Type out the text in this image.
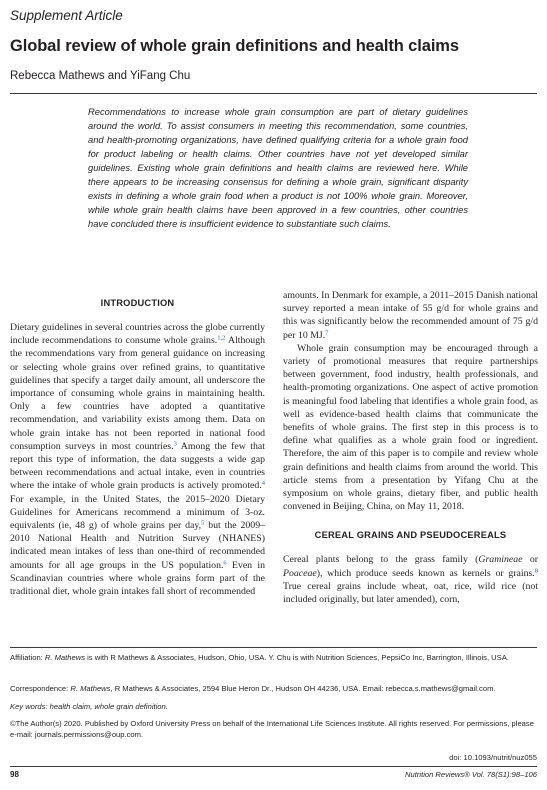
Supplement Article
Global review of whole grain definitions and health claims
Rebecca Mathews and YiFang Chu
Recommendations to increase whole grain consumption are part of dietary guidelines around the world. To assist consumers in meeting this recommendation, some countries, and health-promoting organizations, have defined qualifying criteria for a whole grain food for product labeling or health claims. Other countries have not yet developed similar guidelines. Existing whole grain definitions and health claims are reviewed here. While there appears to be increasing consensus for defining a whole grain, significant disparity exists in defining a whole grain food when a product is not 100% whole grain. Moreover, while whole grain health claims have been approved in a few countries, other countries have concluded there is insufficient evidence to substantiate such claims.
INTRODUCTION

Dietary guidelines in several countries across the globe currently include recommendations to consume whole grains.$^{1,2}$ Although the recommendations vary from general guidance on increasing or selecting whole grains over refined grains, to quantitative guidelines that specify a target daily amount, all underscore the importance of consuming whole grains in maintaining health. Only a few countries have adopted a quantitative recommendation, and variability exists among them. Data on whole grain intake has not been reported in national food consumption surveys in most countries.$^3$ Among the few that report this type of information, the data suggests a wide gap between recommendations and actual intake, even in countries where the intake of whole grain products is actively promoted.$^4$ For example, in the United States, the 2015–2020 Dietary Guidelines for Americans recommend a minimum of 3-oz. equivalents (ie, 48 g) of whole grains per day,$^5$ but the 2009–2010 National Health and Nutrition Survey (NHANES) indicated mean intakes of less than one-third of recommended amounts for all age groups in the US population.$^6$ Even in Scandinavian countries where whole grains form part of the traditional diet, whole grain intakes fall short of recommended

amounts. In Denmark for example, a 2011–2015 Danish national survey reported a mean intake of 55 g/d for whole grains and this was significantly below the recommended amount of 75 g/d per 10 MJ.$^7$

Whole grain consumption may be encouraged through a variety of promotional measures that require partnerships between government, food industry, health professionals, and health-promoting organizations. One aspect of active promotion is meaningful food labeling that identifies a whole grain food, as well as evidence-based health claims that communicate the benefits of whole grains. The first step in this process is to define what qualifies as a whole grain food or ingredient. Therefore, the aim of this paper is to compile and review whole grain definitions and health claims from around the world. This article stems from a presentation by Yifang Chu at the symposium on whole grains, dietary fiber, and public health convened in Beijing, China, on May 11, 2018.

CEREAL GRAINS AND PSEUDOCEREALS

Cereal plants belong to the grass family (Gramineae or Poaceae), which produce seeds known as kernels or grains.$^8$ True cereal grains include wheat, oat, rice, wild rice (not included originally, but later amended), corn,

Affiliation: R. Mathews is with R Mathews & Associates, Hudson, Ohio, USA. Y. Chu is with Nutrition Sciences, PepsiCo Inc, Barrington, Illinois, USA.
Correspondence: R. Mathews, R Mathews & Associates, 2594 Blue Heron Dr., Hudson OH 44236, USA. Email: rebecca.s.mathews@gmail.com.
Key words: health claim, whole grain definition.
©The Author(s) 2020. Published by Oxford University Press on behalf of the International Life Sciences Institute. All rights reserved. For permissions, please e-mail: journals.permissions@oup.com.
doi: 10.1093/nutrit/nuz055
98	Nutrition Reviews® Vol. 78(S1):98–106
